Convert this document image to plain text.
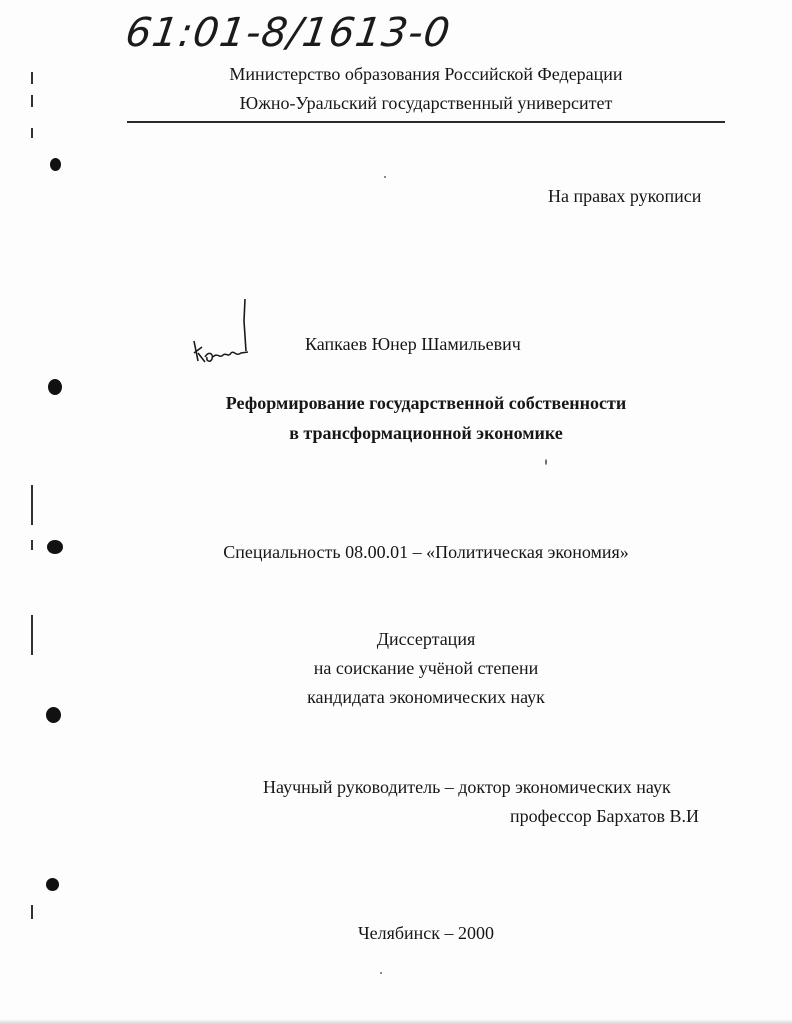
61:01-8/1613-0
Министерство образования Российской Федерации
Южно-Уральский государственный университет
На правах рукописи
Капкаев Юнер Шамильевич
Реформирование государственной собственности
в трансформационной экономике
Специальность 08.00.01 – «Политическая экономия»
Диссертация
на соискание учёной степени
кандидата экономических наук
Научный руководитель – доктор экономических наук
профессор Бархатов В.И
Челябинск – 2000
